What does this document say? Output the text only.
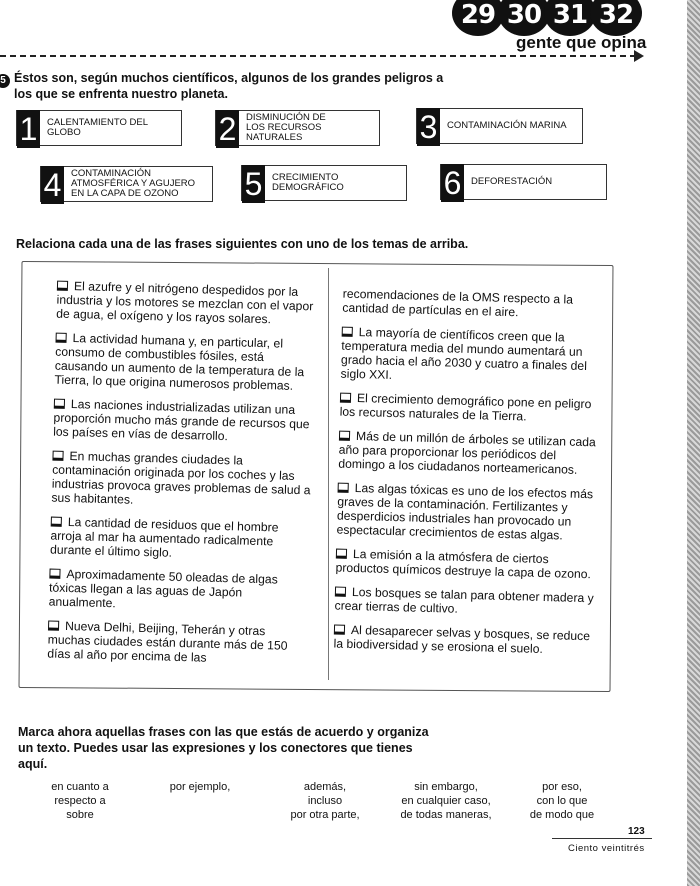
29 30 31 32
gente que opina
5 Éstos son, según muchos científicos, algunos de los grandes peligros a los que se enfrenta nuestro planeta.
1 CALENTAMIENTO DEL GLOBO	2 DISMINUCIÓN DE
LOS RECURSOS NATURALES	3 CONTAMINACIÓN MARINA
4 CONTAMINACIÓN
ATMOSFÉRICA Y AGUJERO
EN LA CAPA DE OZONO	5 CRECIMIENTO DEMOGRÁFICO	6 DEFORESTACIÓN
Relaciona cada una de las frases siguientes con uno de los temas de arriba.

El azufre y el nitrógeno despedidos por la industria y los motores se mezclan con el vapor de agua, el oxígeno y los rayos solares.

La actividad humana y, en particular, el consumo de combustibles fósiles, está causando un aumento de la temperatura de la Tierra, lo que origina numerosos problemas.

Las naciones industrializadas utilizan una proporción mucho más grande de recursos que los países en vías de desarrollo.

En muchas grandes ciudades la contaminación originada por los coches y las industrias provoca graves problemas de salud a sus habitantes.

La cantidad de residuos que el hombre arroja al mar ha aumentado radicalmente durante el último siglo.

Aproximadamente 50 oleadas de algas tóxicas llegan a las aguas de Japón anualmente.

Nueva Delhi, Beijing, Teherán y otras muchas ciudades están durante más de 150 días al año por encima de las

recomendaciones de la OMS respecto a la cantidad de partículas en el aire.

La mayoría de científicos creen que la temperatura media del mundo aumentará un grado hacia el año 2030 y cuatro a finales del siglo XXI.

El crecimiento demográfico pone en peligro los recursos naturales de la Tierra.

Más de un millón de árboles se utilizan cada año para proporcionar los periódicos del domingo a los ciudadanos norteamericanos.

Las algas tóxicas es uno de los efectos más graves de la contaminación. Fertilizantes y desperdicios industriales han provocado un espectacular crecimientos de estas algas.

La emisión a la atmósfera de ciertos productos químicos destruye la capa de ozono.

Los bosques se talan para obtener madera y crear tierras de cultivo.

Al desaparecer selvas y bosques, se reduce la biodiversidad y se erosiona el suelo.

Marca ahora aquellas frases con las que estás de acuerdo y organiza un texto. Puedes usar las expresiones y los conectores que tienes aquí.
en cuanto a
respecto a
sobre
por ejemplo,	además,
incluso
por otra parte,
sin embargo,
en cualquier caso,
de todas maneras,
por eso,
con lo que
de modo que
123
Ciento veintitrés
